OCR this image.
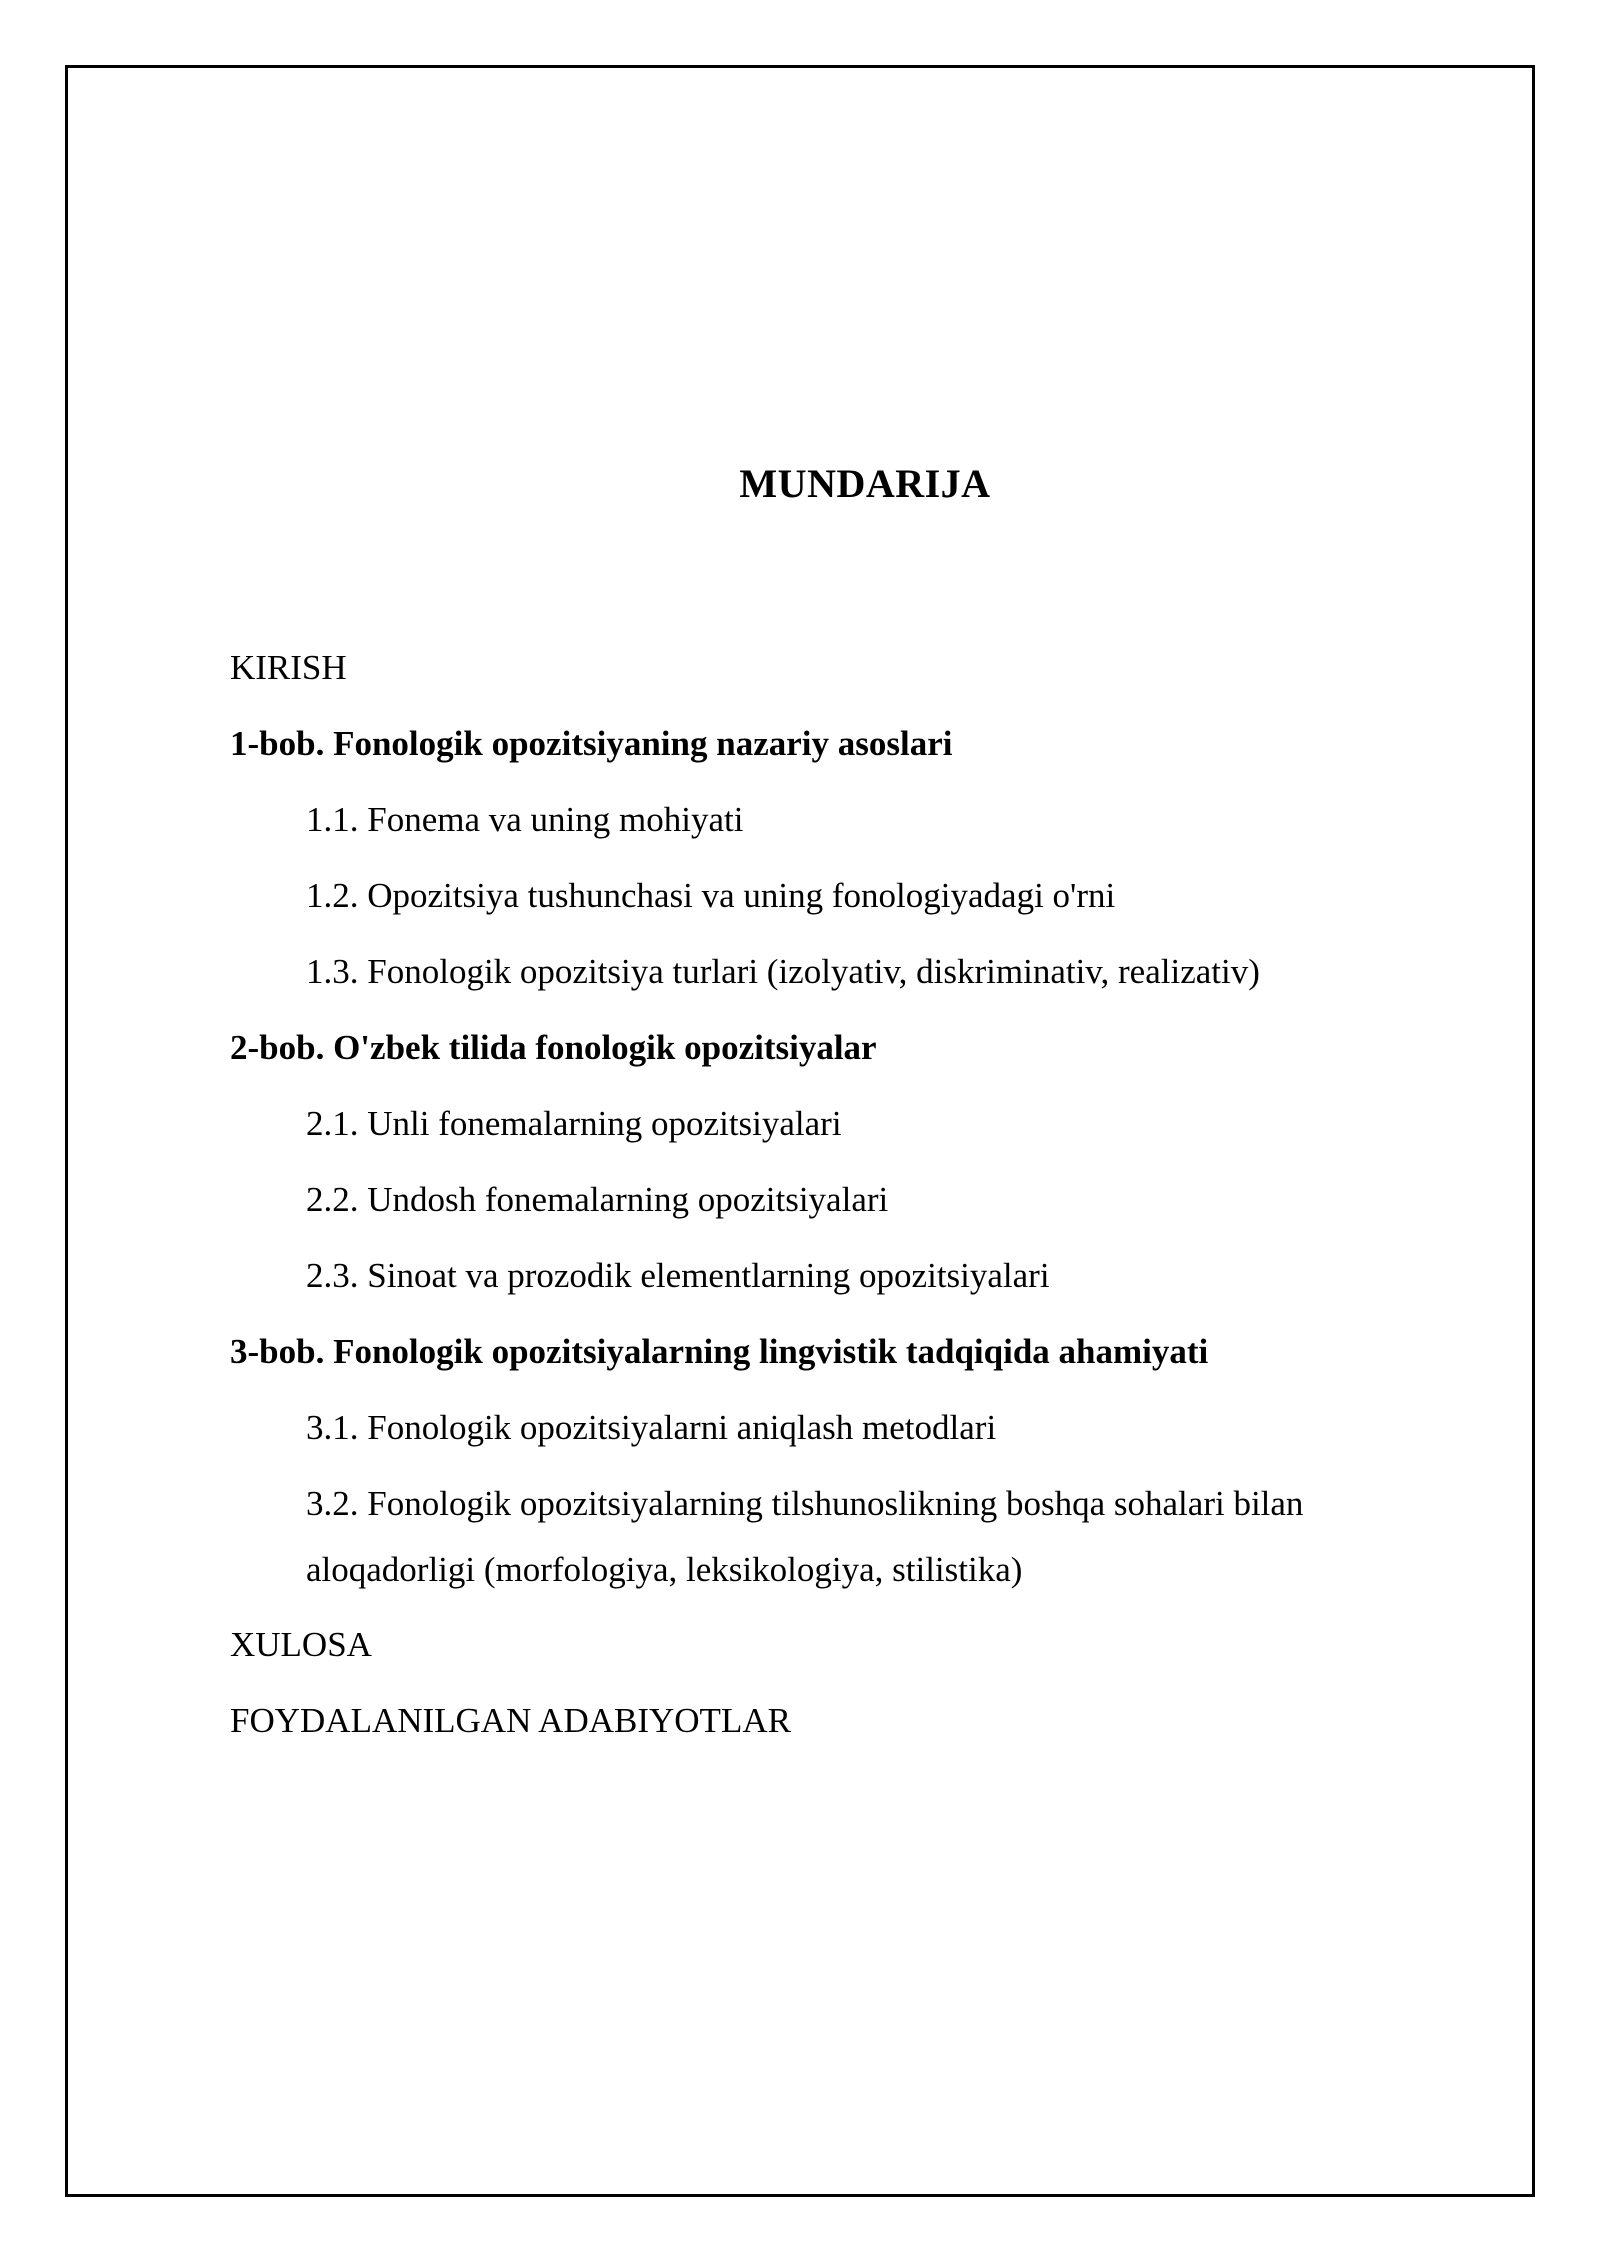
MUNDARIJA
KIRISH
1-bob. Fonologik opozitsiyaning nazariy asoslari
1.1. Fonema va uning mohiyati
1.2. Opozitsiya tushunchasi va uning fonologiyadagi o'rni
1.3. Fonologik opozitsiya turlari (izolyativ, diskriminativ, realizativ)
2-bob. O'zbek tilida fonologik opozitsiyalar
2.1. Unli fonemalarning opozitsiyalari
2.2. Undosh fonemalarning opozitsiyalari
2.3. Sinoat va prozodik elementlarning opozitsiyalari
3-bob. Fonologik opozitsiyalarning lingvistik tadqiqida ahamiyati
3.1. Fonologik opozitsiyalarni aniqlash metodlari
3.2. Fonologik opozitsiyalarning tilshunoslikning boshqa sohalari bilan aloqadorligi (morfologiya, leksikologiya, stilistika)
XULOSA
FOYDALANILGAN ADABIYOTLAR
